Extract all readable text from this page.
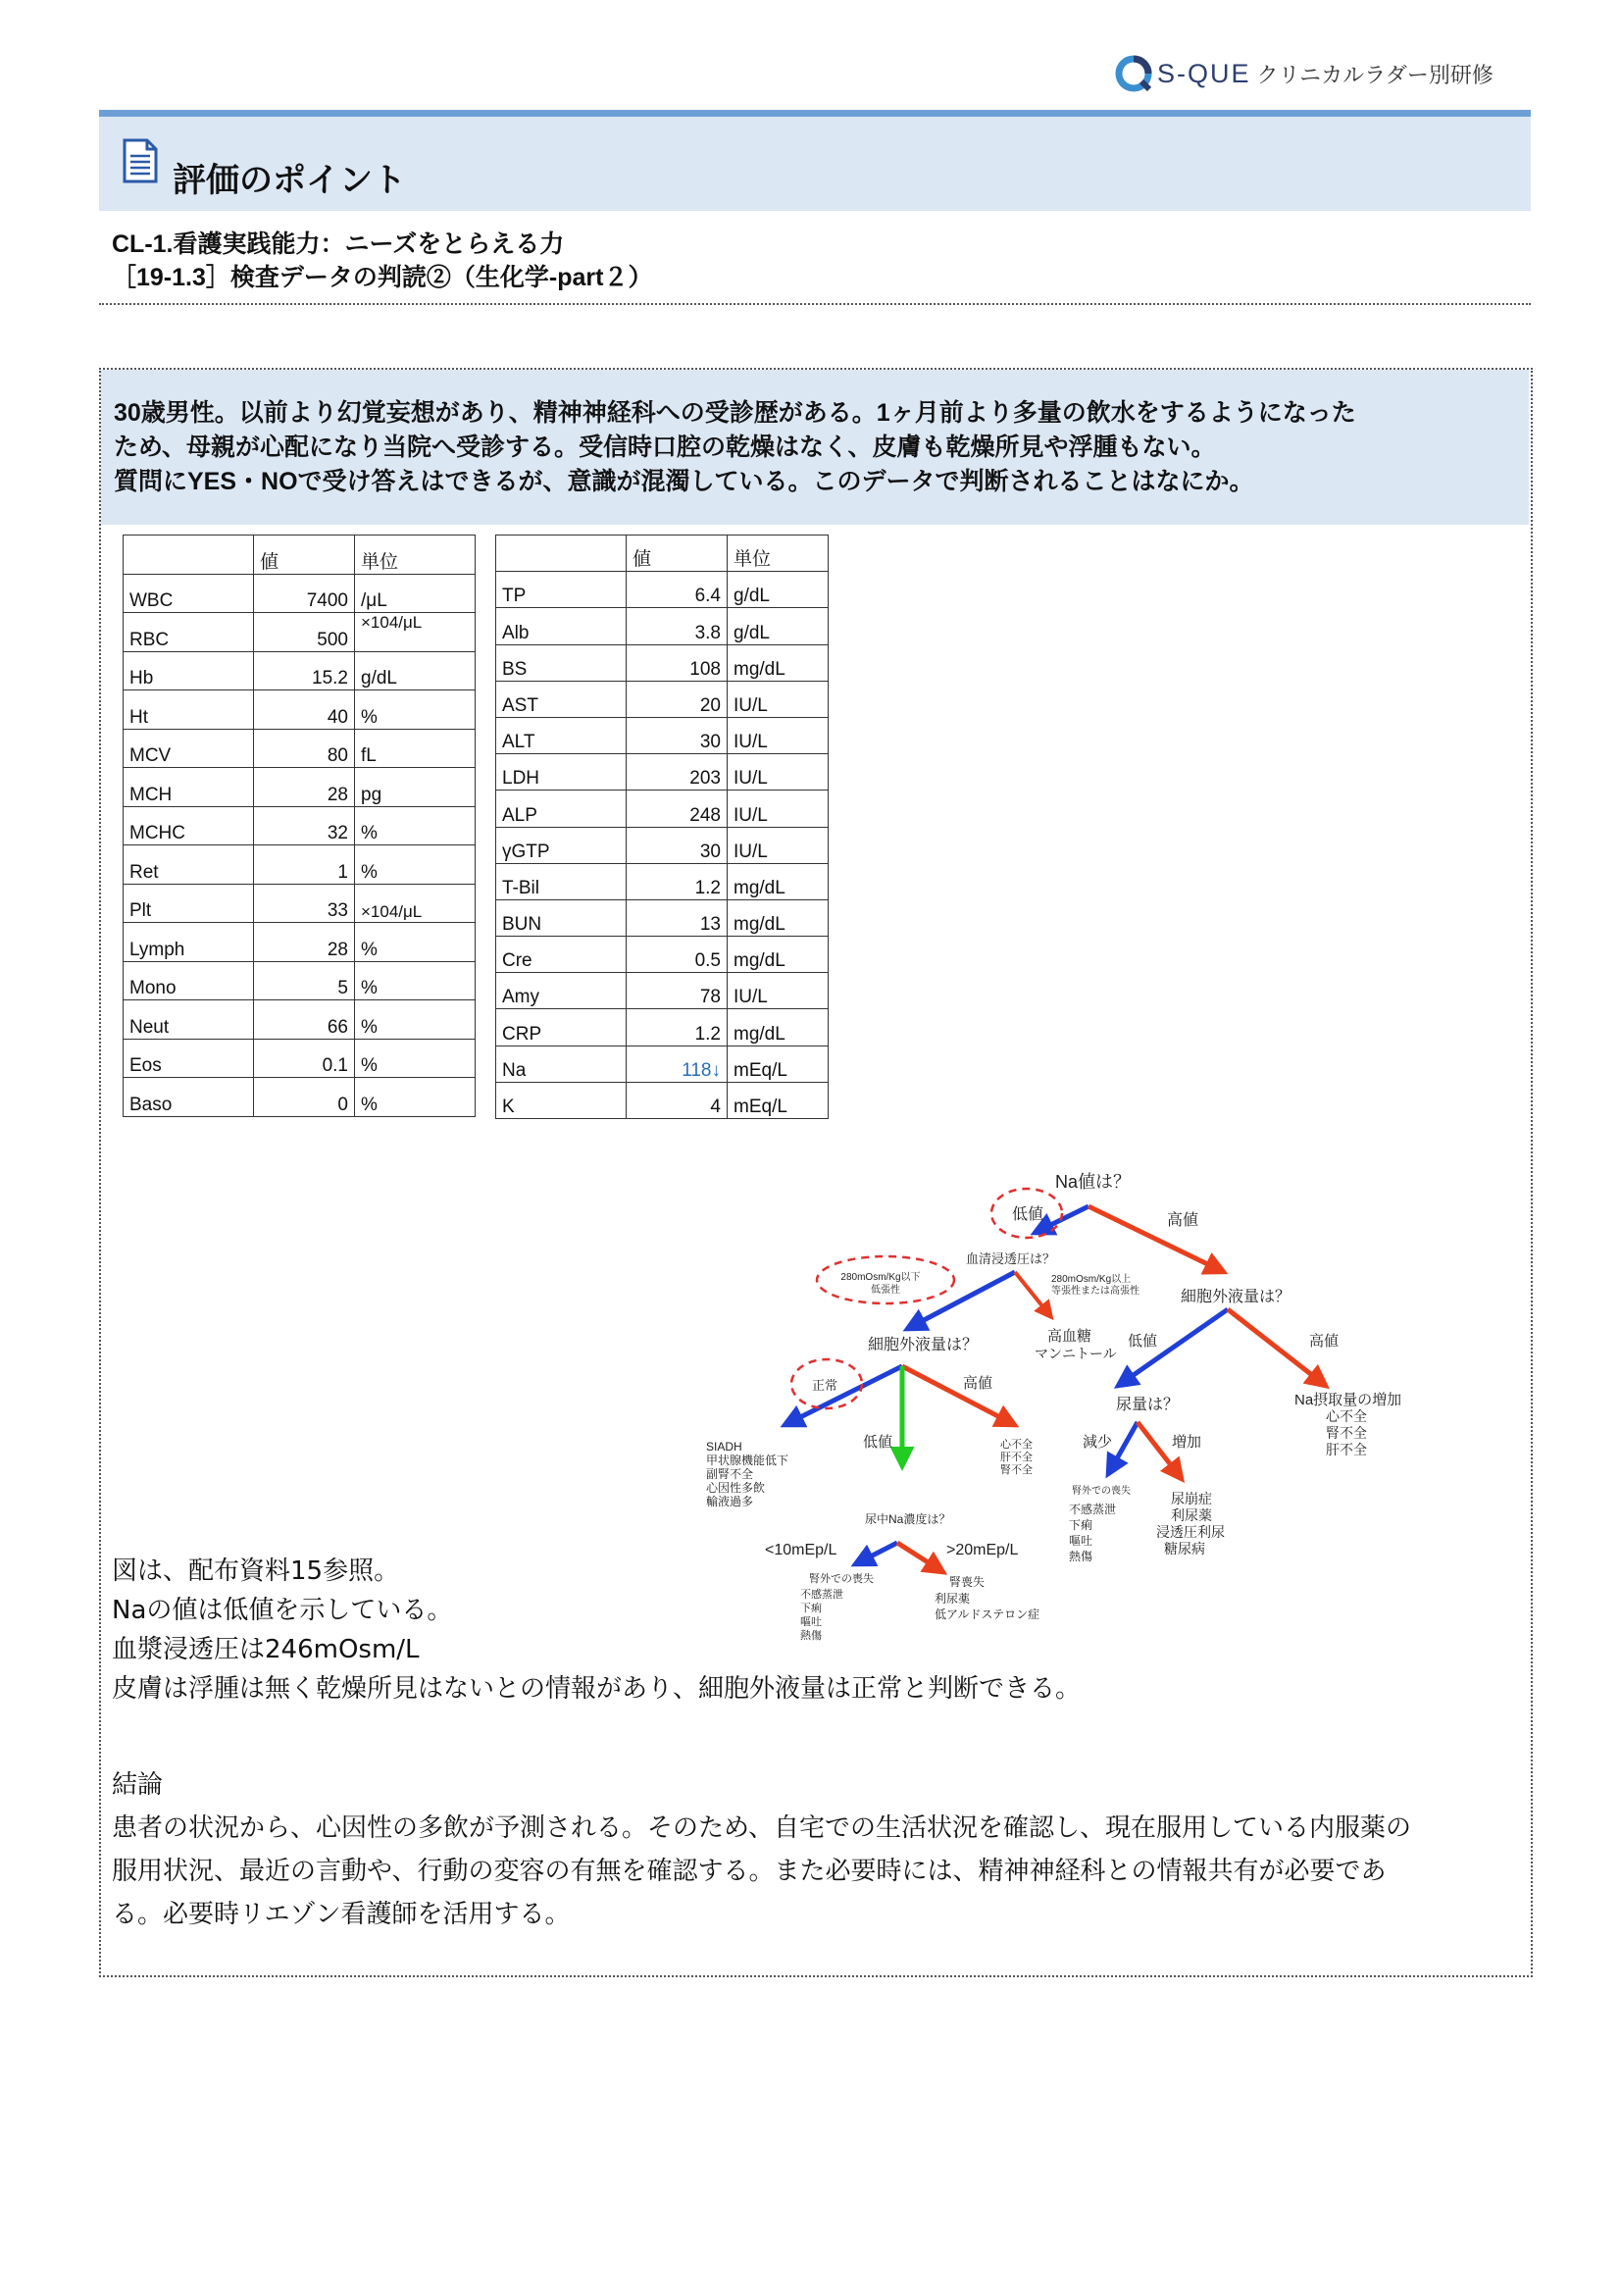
S-QUE クリニカルラダー別研修
評価のポイント
CL-1.看護実践能力：ニーズをとらえる力
［19-1.3］検査データの判読②（生化学-part２）
30歳男性。以前より幻覚妄想があり、精神神経科への受診歴がある。1ヶ月前より多量の飲水をするようになった
ため、母親が心配になり当院へ受診する。受信時口腔の乾燥はなく、皮膚も乾燥所見や浮腫もない。
質問にYES・NOで受け答えはできるが、意識が混濁している。このデータで判断されることはなにか。
	値	単位
WBC	7400	/μL
RBC	500	×104/μL
Hb	15.2	g/dL
Ht	40	%
MCV	80	fL
MCH	28	pg
MCHC	32	%
Ret	1	%
Plt	33	×104/μL
Lymph	28	%
Mono	5	%
Neut	66	%
Eos	0.1	%
Baso	0	%
	値	単位
TP	6.4	g/dL
Alb	3.8	g/dL
BS	108	mg/dL
AST	20	IU/L
ALT	30	IU/L
LDH	203	IU/L
ALP	248	IU/L
γGTP	30	IU/L
T-Bil	1.2	mg/dL
BUN	13	mg/dL
Cre	0.5	mg/dL
Amy	78	IU/L
CRP	1.2	mg/dL
Na	118↓	mEq/L
K	4	mEq/L
Na値は？
低値	高値
血清浸透圧は？
280mOsm/Kg以下
低張性
280mOsm/Kg以上
等張性または高張性
高血糖
マンニトール
細胞外液量は？
正常
低値
高値
SIADH
甲状腺機能低下
副腎不全
心因性多飲
輸液過多
心不全
肝不全
腎不全
尿中Na濃度は？
<10mEp/L	>20mEp/L
腎外での喪失
不感蒸泄
下痢
嘔吐
熱傷
腎喪失
利尿薬
低アルドステロン症
細胞外液量は？
低値	高値
Na摂取量の増加
心不全
腎不全
肝不全
尿量は？
減少	増加
腎外での喪失
不感蒸泄
下痢
嘔吐
熱傷
尿崩症
利尿薬
浸透圧利尿
糖尿病
図は、配布資料15参照。
Naの値は低値を示している。
血漿浸透圧は246mOsm/L
皮膚は浮腫は無く乾燥所見はないとの情報があり、細胞外液量は正常と判断できる。
結論
患者の状況から、心因性の多飲が予測される。そのため、自宅での生活状況を確認し、現在服用している内服薬の
服用状況、最近の言動や、行動の変容の有無を確認する。また必要時には、精神神経科との情報共有が必要であ
る。必要時リエゾン看護師を活用する。
